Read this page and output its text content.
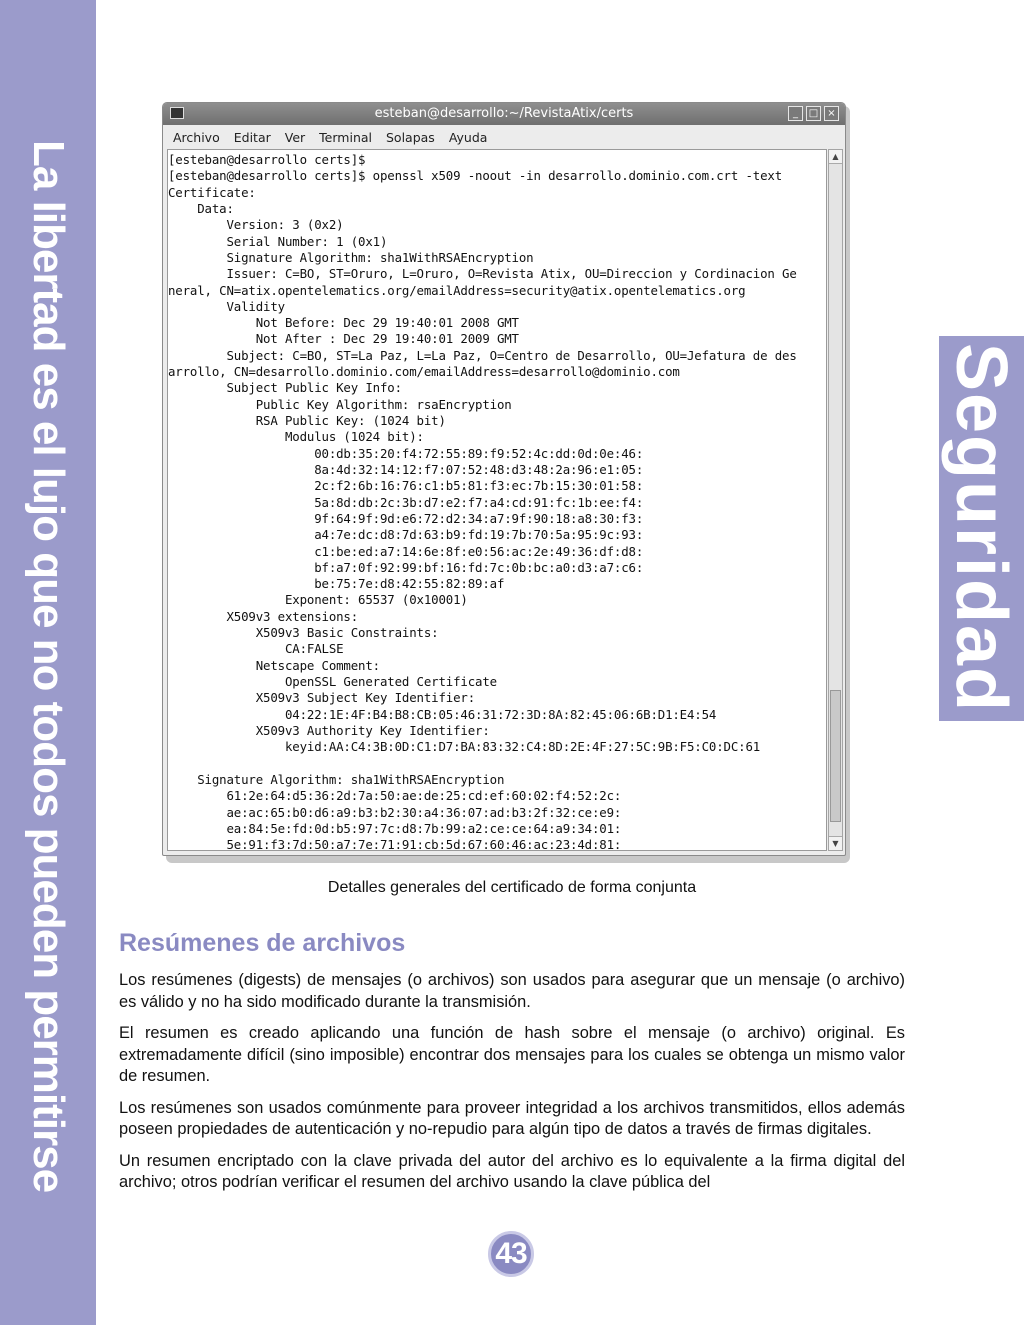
La libertad es el lujo que no todos pueden permitirse	Seguridad
esteban@desarrollo:~/RevistaAtix/certs	_	□ ×
Archivo Editar Ver Terminal Solapas Ayuda
[esteban@desarrollo certs]$
[esteban@desarrollo certs]$ openssl x509 -noout -in desarrollo.dominio.com.crt -text
Certificate:
Data:
Version: 3 (0x2)
Serial Number: 1 (0x1)
Signature Algorithm: sha1WithRSAEncryption
Issuer: C=BO, ST=Oruro, L=Oruro, O=Revista Atix, OU=Direccion y Cordinacion Ge
neral, CN=atix.opentelematics.org/emailAddress=security@atix.opentelematics.org
Validity
Not Before: Dec 29 19:40:01 2008 GMT
Not After : Dec 29 19:40:01 2009 GMT
Subject: C=BO, ST=La Paz, L=La Paz, O=Centro de Desarrollo, OU=Jefatura de des
arrollo, CN=desarrollo.dominio.com/emailAddress=desarrollo@dominio.com
Subject Public Key Info:
Public Key Algorithm: rsaEncryption
RSA Public Key: (1024 bit)
Modulus (1024 bit):
00:db:35:20:f4:72:55:89:f9:52:4c:dd:0d:0e:46:
8a:4d:32:14:12:f7:07:52:48:d3:48:2a:96:e1:05:
2c:f2:6b:16:76:c1:b5:81:f3:ec:7b:15:30:01:58:
5a:8d:db:2c:3b:d7:e2:f7:a4:cd:91:fc:1b:ee:f4:
9f:64:9f:9d:e6:72:d2:34:a7:9f:90:18:a8:30:f3:
a4:7e:dc:d8:7d:63:b9:fd:19:7b:70:5a:95:9c:93:
c1:be:ed:a7:14:6e:8f:e0:56:ac:2e:49:36:df:d8:
bf:a7:0f:92:99:bf:16:fd:7c:0b:bc:a0:d3:a7:c6:
be:75:7e:d8:42:55:82:89:af
Exponent: 65537 (0x10001)
X509v3 extensions:
X509v3 Basic Constraints:
CA:FALSE
Netscape Comment:
OpenSSL Generated Certificate
X509v3 Subject Key Identifier:
04:22:1E:4F:B4:B8:CB:05:46:31:72:3D:8A:82:45:06:6B:D1:E4:54
X509v3 Authority Key Identifier:
keyid:AA:C4:3B:0D:C1:D7:BA:83:32:C4:8D:2E:4F:27:5C:9B:F5:C0:DC:61

Signature Algorithm: sha1WithRSAEncryption
61:2e:64:d5:36:2d:7a:50:ae:de:25:cd:ef:60:02:f4:52:2c:
ae:ac:65:b0:d6:a9:b3:b2:30:a4:36:07:ad:b3:2f:32:ce:e9:
ea:84:5e:fd:0d:b5:97:7c:d8:7b:99:a2:ce:ce:64:a9:34:01:
5e:91:f3:7d:50:a7:7e:71:91:cb:5d:67:60:46:ac:23:4d:81:
▲
▼
Detalles generales del certificado de forma conjunta
Resúmenes de archivos

Los resúmenes (digests) de mensajes (o archivos) son usados para asegurar que un mensaje (o archivo) es válido y no ha sido modificado durante la transmisión.

El resumen es creado aplicando una función de hash sobre el mensaje (o archivo) original. Es extremadamente difícil (sino imposible) encontrar dos mensajes para los cuales se obtenga un mismo valor de resumen.

Los resúmenes son usados comúnmente para proveer integridad a los archivos transmitidos, ellos además poseen propiedades de autenticación y no-repudio para algún tipo de datos a través de firmas digitales.

Un resumen encriptado con la clave privada del autor del archivo es lo equivalente a la firma digital del archivo; otros podrían verificar el resumen del archivo usando la clave pública del

43
